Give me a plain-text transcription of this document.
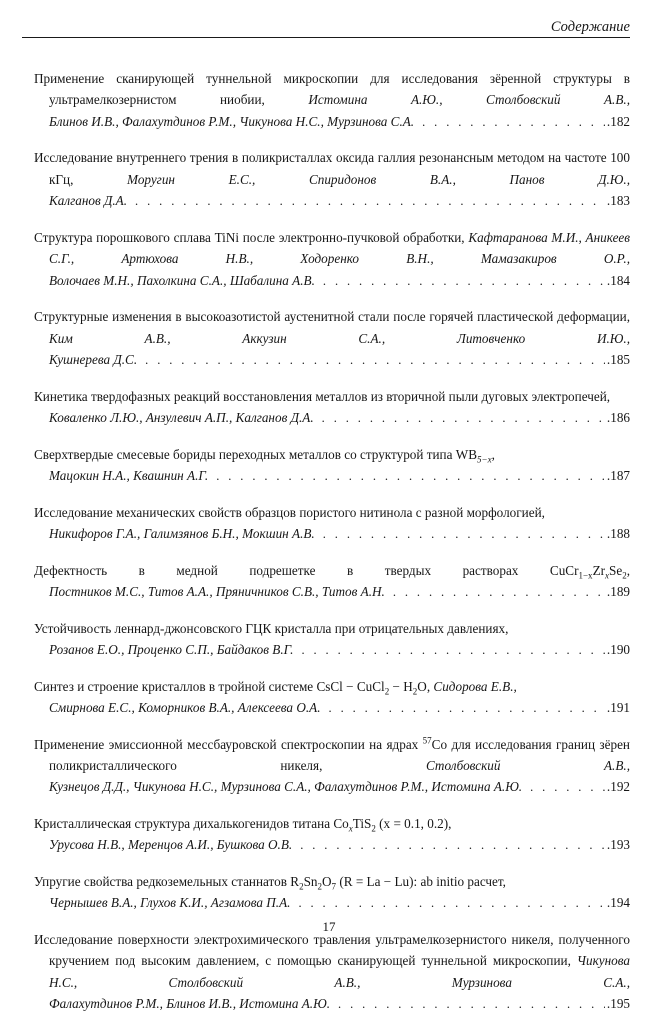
Содержание
Применение сканирующей туннельной микроскопии для исследования зёренной структуры в ультрамелкозернистом ниобии,	Истомина А.Ю., Столбовский А.В.,
Блинов И.В., Фалахутдинов Р.М., Чикунова Н.С., Мурзинова С.А. . . .	.182
Исследование внутреннего трения в поликристаллах оксида галлия резонансным методом на частоте 100 кГц,	Моругин Е.С., Спиридонов В.А., Панов Д.Ю.,
Калганов Д.А. . . .	.183
Структура порошкового сплава TiNi после электронно-пучковой обработки, Кафтаранова М.И., Аникеев С.Г., Артюхова Н.В., Ходоренко В.Н., Мамазакиров О.Р.,
Волочаев М.Н., Пахолкина С.А., Шабалина А.В. . . .	.184
Структурные изменения в высокоазотистой аустенитной стали после горячей пластической деформации, Ким А.В., Аккузин С.А., Литовченко И.Ю.,
Кушнерева Д.С. . . .	.185
Кинетика твердофазных реакций восстановления металлов из вторичной пыли дуговых электропечей,
Коваленко Л.Ю., Анзулевич А.П., Калганов Д.А. . . .	.186
Сверхтвердые смесевые бориды переходных металлов со структурой типа $WB_{5-x}$,
Мацокин Н.А., Квашнин А.Г. . . .	.187
Исследование механических свойств образцов пористого нитинола с разной морфологией,
Никифоров Г.А., Галимзянов Б.Н., Мокшин А.В. . . .	.188
Дефектность в медной подрешетке в твердых растворах $CuCr_{1-x}Zr_xSe_2$,
Постников М.С., Титов А.А., Пряничников С.В., Титов А.Н. . . .	.189
Устойчивость леннард-джонсовского ГЦК кристалла при отрицательных давлениях,
Розанов Е.О., Проценко С.П., Байдаков В.Г. . . .	.190
Синтез и строение кристаллов в тройной системе CsCl − CuCl$_2$ − $H_2O$, Сидорова Е.В.,
Смирнова Е.С., Коморников В.А., Алексеева О.А. . . .	.191
Применение эмиссионной мессбауровской спектроскопии на ядрах $^{57}$Co для исследования границ зёрен поликристаллического никеля,	Столбовский А.В.,
Кузнецов Д.Д., Чикунова Н.С., Мурзинова С.А., Фалахутдинов Р.М., Истомина А.Ю. . . .	.192
Кристаллическая структура дихалькогенидов титана $Co_xTiS_2$ (x = 0.1, 0.2),
Урусова Н.В., Меренцов А.И., Бушкова О.В. . . .	.193
Упругие свойства редкоземельных станнатов $R_2Sn_2O_7$ (R = La − Lu): ab initio расчет,
Чернышев В.А., Глухов К.И., Агзамова П.А. . . .	.194
Исследование поверхности электрохимического травления ультрамелкозернистого никеля, полученного кручением под высоким давлением, с помощью сканирующей туннельной микроскопии, Чикунова Н.С., Столбовский А.В., Мурзинова С.А.,
Фалахутдинов Р.М., Блинов И.В., Истомина А.Ю. . . .	.195
17
